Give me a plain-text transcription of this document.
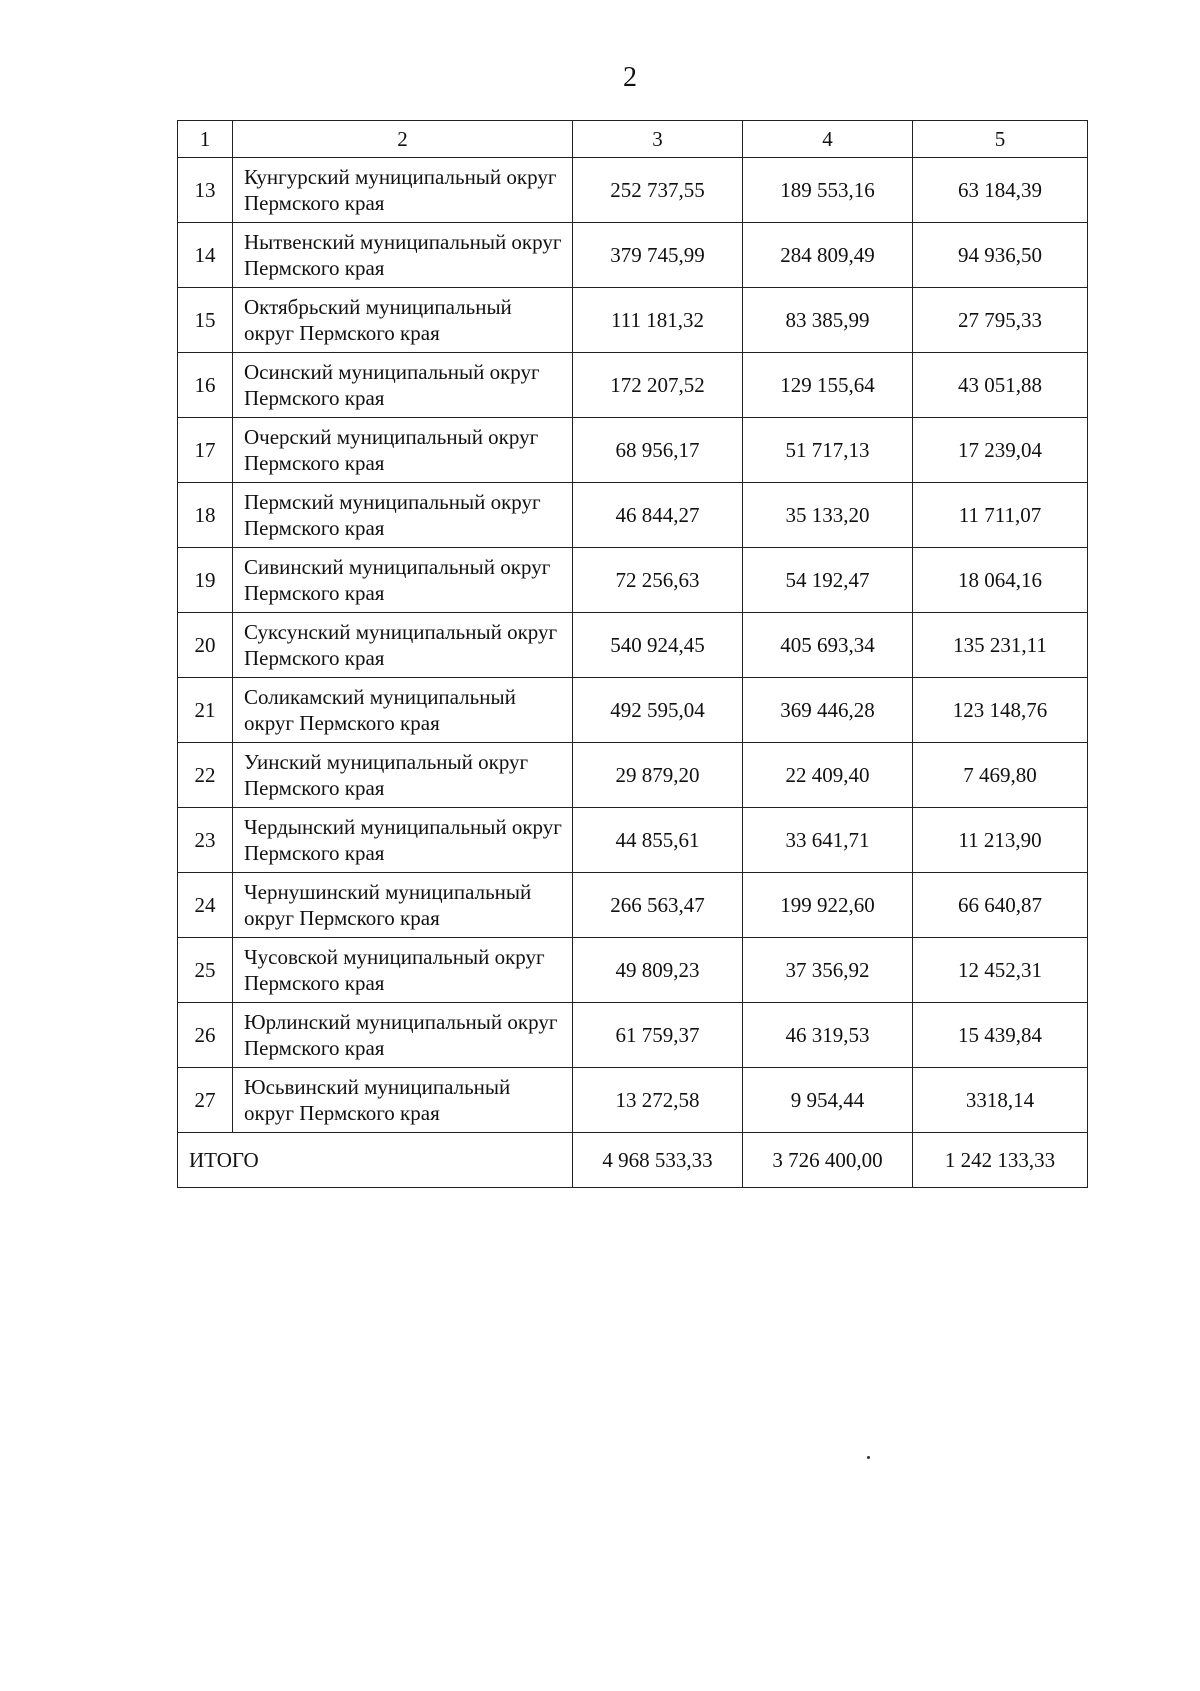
2
1	2	3	4	5
13	Кунгурский муниципальный округ Пермского края	252 737,55	189 553,16	63 184,39
14	Нытвенский муниципальный округ Пермского края	379 745,99	284 809,49	94 936,50
15	Октябрьский муниципальный округ Пермского края	111 181,32	83 385,99	27 795,33
16	Осинский муниципальный округ Пермского края	172 207,52	129 155,64	43 051,88
17	Очерский муниципальный округ Пермского края	68 956,17	51 717,13	17 239,04
18	Пермский муниципальный округ Пермского края	46 844,27	35 133,20	11 711,07
19	Сивинский муниципальный округ Пермского края	72 256,63	54 192,47	18 064,16
20	Суксунский муниципальный округ Пермского края	540 924,45	405 693,34	135 231,11
21	Соликамский муниципальный округ Пермского края	492 595,04	369 446,28	123 148,76
22	Уинский муниципальный округ Пермского края	29 879,20	22 409,40	7 469,80
23	Чердынский муниципальный округ Пермского края	44 855,61	33 641,71	11 213,90
24	Чернушинский муниципальный округ Пермского края	266 563,47	199 922,60	66 640,87
25	Чусовской муниципальный округ Пермского края	49 809,23	37 356,92	12 452,31
26	Юрлинский муниципальный округ Пермского края	61 759,37	46 319,53	15 439,84
27	Юсьвинский муниципальный округ Пермского края	13 272,58	9 954,44	3318,14
ИТОГО		4 968 533,33	3 726 400,00	1 242 133,33
